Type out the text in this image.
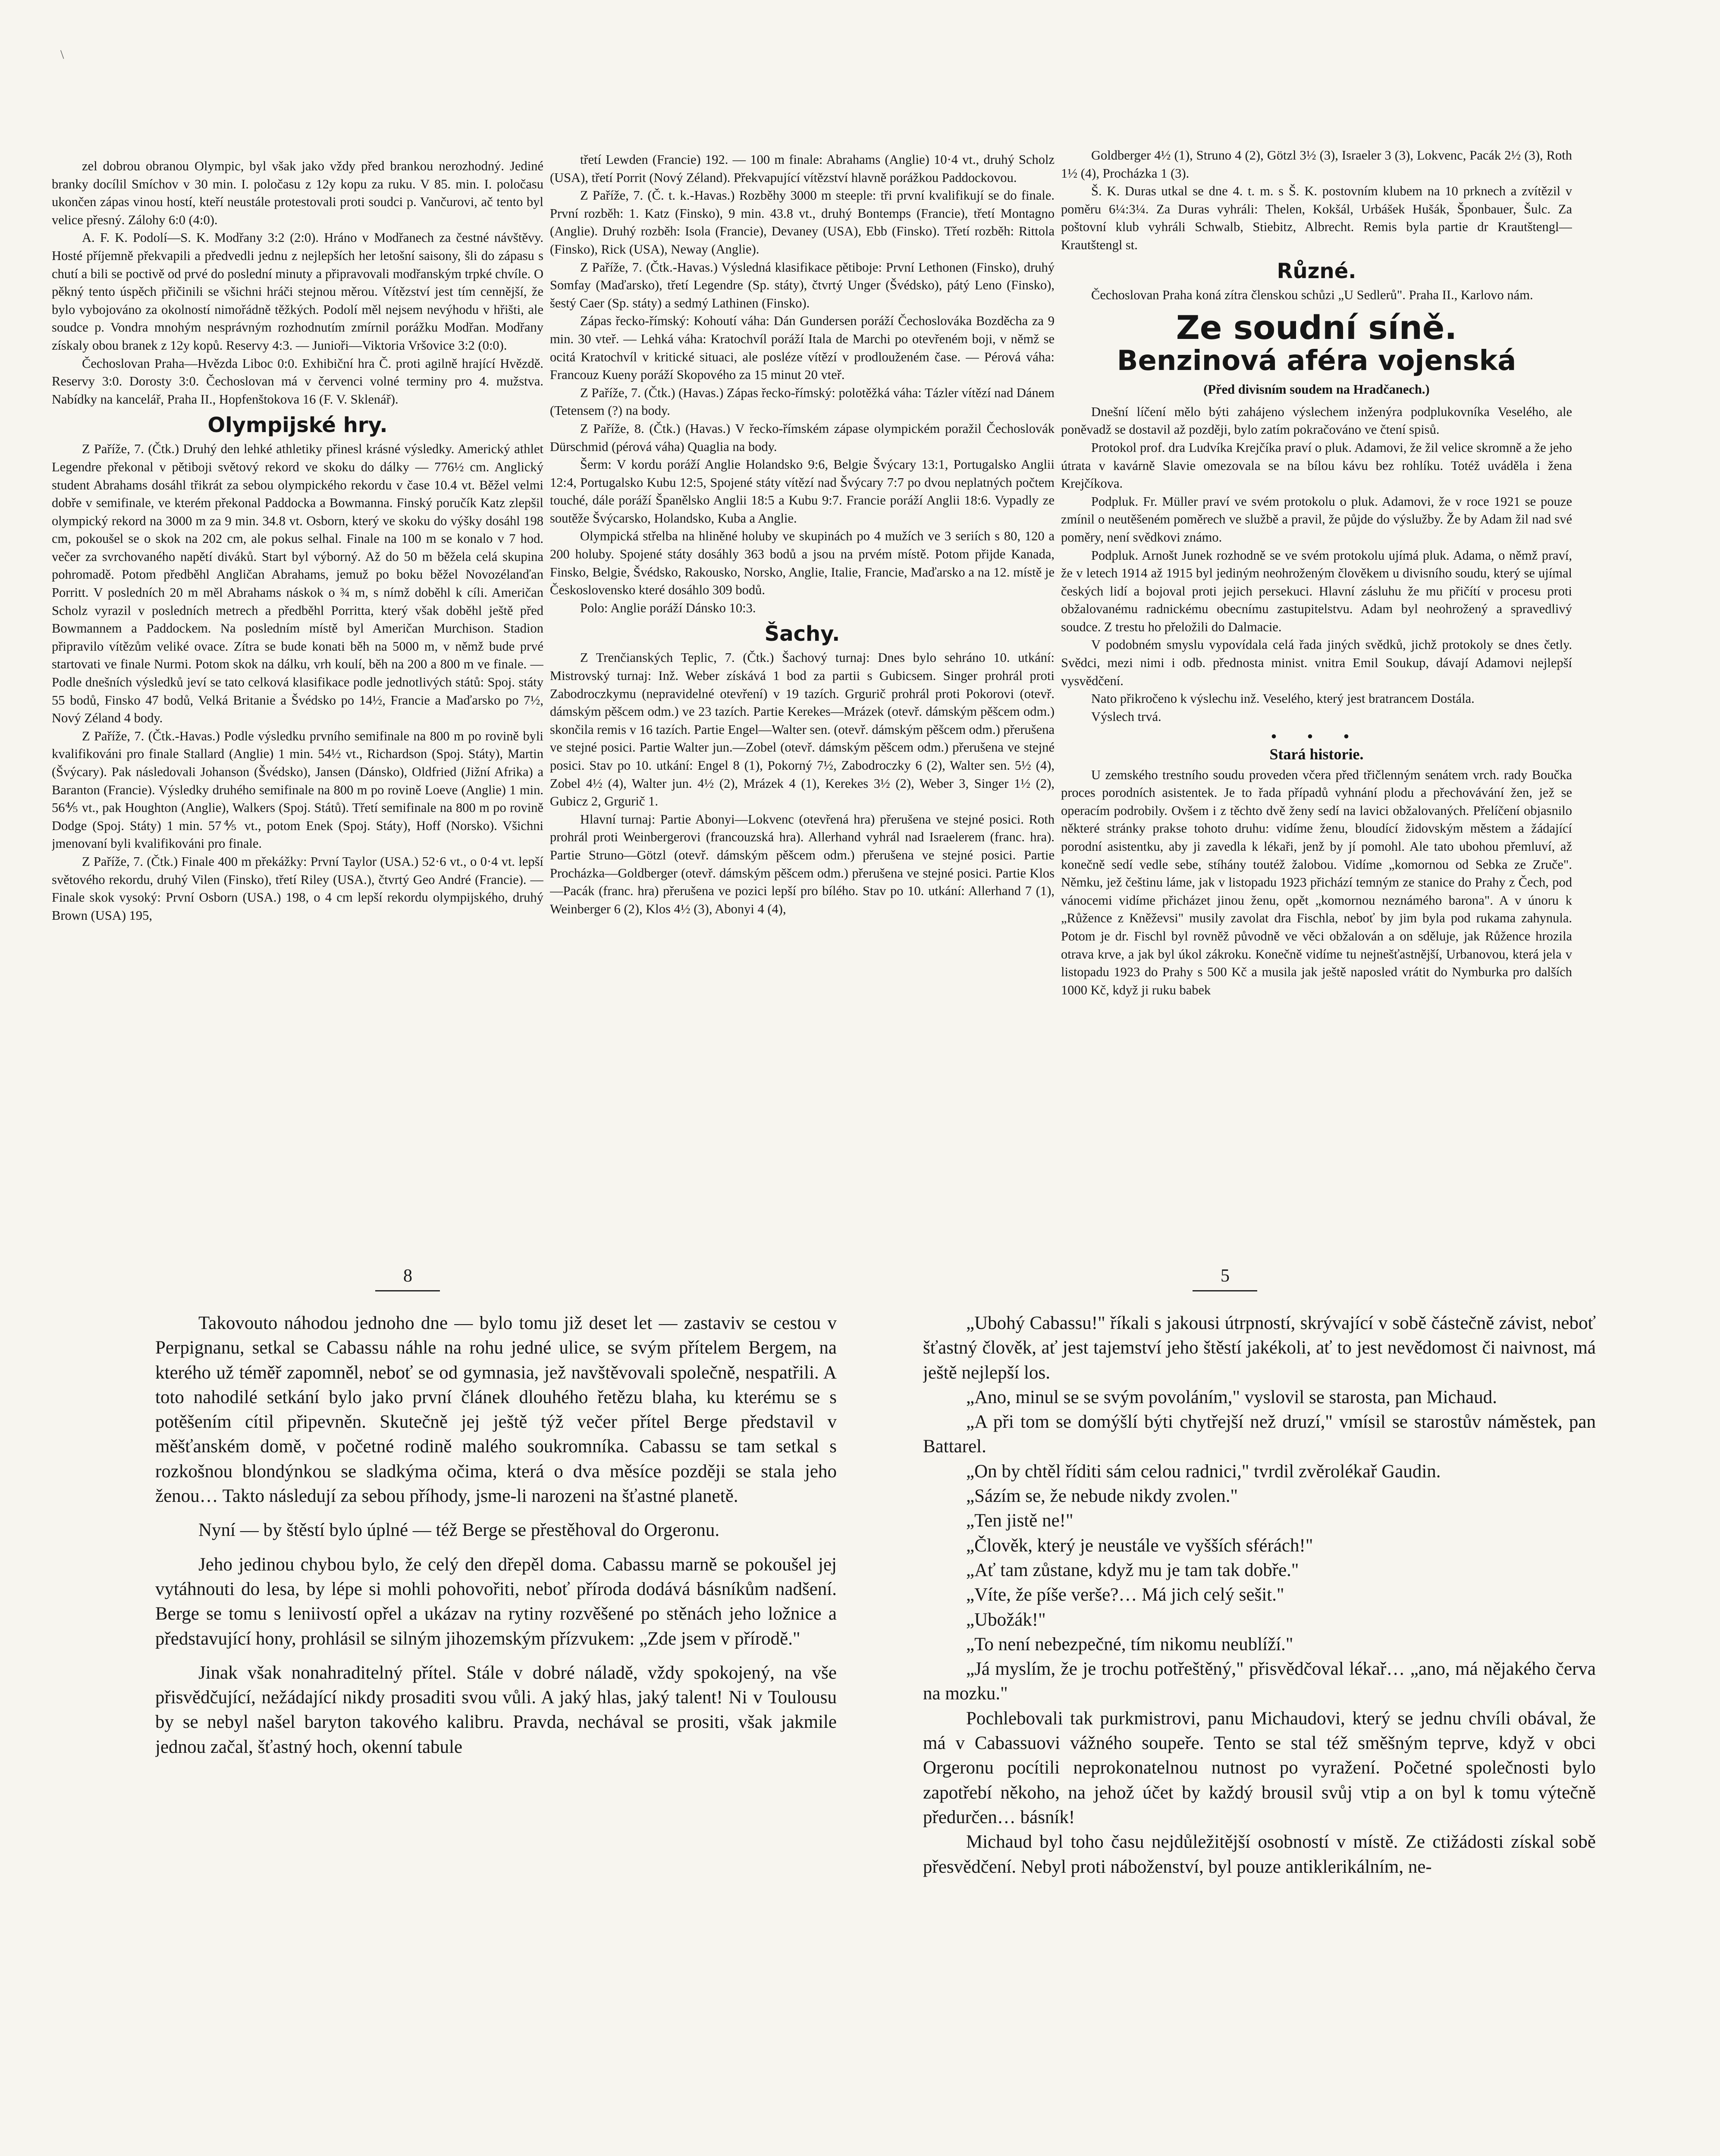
\

zel dobrou obranou Olympic, byl však jako vždy před brankou nerozhodný. Jediné branky docílil Smíchov v 30 min. I. poločasu z 12y kopu za ruku. V 85. min. I. poločasu ukončen zápas vinou hostí, kteří neustále protestovali proti soudci p. Vančurovi, ač tento byl velice přesný. Zálohy 6:0 (4:0).

A. F. K. Podolí—S. K. Modřany 3:2 (2:0). Hráno v Modřanech za čestné návštěvy. Hosté příjemně překvapili a předvedli jednu z nejlepších her letošní saisony, šli do zápasu s chutí a bili se poctivě od prvé do poslední minuty a připravovali modřanským trpké chvíle. O pěkný tento úspěch přičinili se všichni hráči stejnou měrou. Vítězství jest tím cennější, že bylo vybojováno za okolností nimořádně těžkých. Podolí měl nejsem nevýhodu v hřišti, ale soudce p. Vondra mnohým nesprávným rozhodnutím zmírnil porážku Modřan. Modřany získaly obou branek z 12y kopů. Reservy 4:3. — Junioři—Viktoria Vršovice 3:2 (0:0).

Čechoslovan Praha—Hvězda Liboc 0:0. Exhibiční hra Č. proti agilně hrající Hvězdě. Reservy 3:0. Dorosty 3:0. Čechoslovan má v červenci volné terminy pro 4. mužstva. Nabídky na kancelář, Praha II., Hopfenštokova 16 (F. V. Sklenář).

Olympijské hry.

Z Paříže, 7. (Čtk.) Druhý den lehké athletiky přinesl krásné výsledky. Americký athlet Legendre překonal v pětiboji světový rekord ve skoku do dálky — 776½ cm. Anglický student Abrahams dosáhl třikrát za sebou olympického rekordu v čase 10.4 vt. Běžel velmi dobře v semifinale, ve kterém překonal Paddocka a Bowmanna. Finský poručík Katz zlepšil olympický rekord na 3000 m za 9 min. 34.8 vt. Osborn, který ve skoku do výšky dosáhl 198 cm, pokoušel se o skok na 202 cm, ale pokus selhal. Finale na 100 m se konalo v 7 hod. večer za svrchovaného napětí diváků. Start byl výborný. Až do 50 m běžela celá skupina pohromadě. Potom předběhl Angličan Abrahams, jemuž po boku běžel Novozélanďan Porritt. V posledních 20 m měl Abrahams náskok o ¾ m, s nímž doběhl k cíli. Američan Scholz vyrazil v posledních metrech a předběhl Porritta, který však doběhl ještě před Bowmannem a Paddockem. Na posledním místě byl Američan Murchison. Stadion připravilo vítězům veliké ovace. Zítra se bude konati běh na 5000 m, v němž bude prvé startovati ve finale Nurmi. Potom skok na dálku, vrh koulí, běh na 200 a 800 m ve finale. — Podle dnešních výsledků jeví se tato celková klasifikace podle jednotlivých států: Spoj. státy 55 bodů, Finsko 47 bodů, Velká Britanie a Švédsko po 14½, Francie a Maďarsko po 7½, Nový Zéland 4 body.

Z Paříže, 7. (Čtk.-Havas.) Podle výsledku prvního semifinale na 800 m po rovině byli kvalifikováni pro finale Stallard (Anglie) 1 min. 54½ vt., Richardson (Spoj. Státy), Martin (Švýcary). Pak následovali Johanson (Švédsko), Jansen (Dánsko), Oldfried (Jižní Afrika) a Baranton (Francie). Výsledky druhého semifinale na 800 m po rovině Loeve (Anglie) 1 min. 56⅘ vt., pak Houghton (Anglie), Walkers (Spoj. Států). Třetí semifinale na 800 m po rovině Dodge (Spoj. Státy) 1 min. 57⅘ vt., potom Enek (Spoj. Státy), Hoff (Norsko). Všichni jmenovaní byli kvalifikováni pro finale.

Z Paříže, 7. (Čtk.) Finale 400 m překážky: První Taylor (USA.) 52·6 vt., o 0·4 vt. lepší světového rekordu, druhý Vilen (Finsko), třetí Riley (USA.), čtvrtý Geo André (Francie). — Finale skok vysoký: První Osborn (USA.) 198, o 4 cm lepší rekordu olympijského, druhý Brown (USA) 195,

třetí Lewden (Francie) 192. — 100 m finale: Abrahams (Anglie) 10·4 vt., druhý Scholz (USA), třetí Porrit (Nový Zéland). Překvapující vítězství hlavně porážkou Paddockovou.

Z Paříže, 7. (Č. t. k.-Havas.) Rozběhy 3000 m steeple: tři první kvalifikují se do finale. První rozběh: 1. Katz (Finsko), 9 min. 43.8 vt., druhý Bontemps (Francie), třetí Montagno (Anglie). Druhý rozběh: Isola (Francie), Devaney (USA), Ebb (Finsko). Třetí rozběh: Rittola (Finsko), Rick (USA), Neway (Anglie).

Z Paříže, 7. (Čtk.-Havas.) Výsledná klasifikace pětiboje: První Lethonen (Finsko), druhý Somfay (Maďarsko), třetí Legendre (Sp. státy), čtvrtý Unger (Švédsko), pátý Leno (Finsko), šestý Caer (Sp. státy) a sedmý Lathinen (Finsko).

Zápas řecko-římský: Kohoutí váha: Dán Gundersen poráží Čechoslováka Bozděcha za 9 min. 30 vteř. — Lehká váha: Kratochvíl poráží Itala de Marchi po otevřeném boji, v němž se ocitá Kratochvíl v kritické situaci, ale posléze vítězí v prodlouženém čase. — Pérová váha: Francouz Kueny poráží Skopového za 15 minut 20 vteř.

Z Paříže, 7. (Čtk.) (Havas.) Zápas řecko-římský: polotěžká váha: Tázler vítězí nad Dánem (Tetensem (?) na body.

Z Paříže, 8. (Čtk.) (Havas.) V řecko-římském zápase olympickém poražil Čechoslovák Dürschmid (pérová váha) Quaglia na body.

Šerm: V kordu poráží Anglie Holandsko 9:6, Belgie Švýcary 13:1, Portugalsko Anglii 12:4, Portugalsko Kubu 12:5, Spojené státy vítězí nad Švýcary 7:7 po dvou neplatných počtem touché, dále poráží Španělsko Anglii 18:5 a Kubu 9:7. Francie poráží Anglii 18:6. Vypadly ze soutěže Švýcarsko, Holandsko, Kuba a Anglie.

Olympická střelba na hliněné holuby ve skupinách po 4 mužích ve 3 seriích s 80, 120 a 200 holuby. Spojené státy dosáhly 363 bodů a jsou na prvém místě. Potom přijde Kanada, Finsko, Belgie, Švédsko, Rakousko, Norsko, Anglie, Italie, Francie, Maďarsko a na 12. místě je Československo které dosáhlo 309 bodů.

Polo: Anglie poráží Dánsko 10:3.

Šachy.

Z Trenčianských Teplic, 7. (Čtk.) Šachový turnaj: Dnes bylo sehráno 10. utkání: Mistrovský turnaj: Inž. Weber získává 1 bod za partii s Gubicsem. Singer prohrál proti Zabodroczkymu (nepravidelné otevření) v 19 tazích. Grgurič prohrál proti Pokorovi (otevř. dámským pěšcem odm.) ve 23 tazích. Partie Kerekes—Mrázek (otevř. dámským pěšcem odm.) skončila remis v 16 tazích. Partie Engel—Walter sen. (otevř. dámským pěšcem odm.) přerušena ve stejné posici. Partie Walter jun.—Zobel (otevř. dámským pěšcem odm.) přerušena ve stejné posici. Stav po 10. utkání: Engel 8 (1), Pokorný 7½, Zabodroczky 6 (2), Walter sen. 5½ (4), Zobel 4½ (4), Walter jun. 4½ (2), Mrázek 4 (1), Kerekes 3½ (2), Weber 3, Singer 1½ (2), Gubicz 2, Grgurič 1.

Hlavní turnaj: Partie Abonyi—Lokvenc (otevřená hra) přerušena ve stejné posici. Roth prohrál proti Weinbergerovi (francouzská hra). Allerhand vyhrál nad Israelerem (franc. hra). Partie Struno—Götzl (otevř. dámským pěšcem odm.) přerušena ve stejné posici. Partie Procházka—Goldberger (otevř. dámským pěšcem odm.) přerušena ve stejné posici. Partie Klos—Pacák (franc. hra) přerušena ve pozici lepší pro bílého. Stav po 10. utkání: Allerhand 7 (1), Weinberger 6 (2), Klos 4½ (3), Abonyi 4 (4),

Goldberger 4½ (1), Struno 4 (2), Götzl 3½ (3), Israeler 3 (3), Lokvenc, Pacák 2½ (3), Roth 1½ (4), Procházka 1 (3).

Š. K. Duras utkal se dne 4. t. m. s Š. K. postovním klubem na 10 prknech a zvítězil v poměru 6¼:3¼. Za Duras vyhráli: Thelen, Kokšál, Urbášek Hušák, Šponbauer, Šulc. Za poštovní klub vyhráli Schwalb, Stiebitz, Albrecht. Remis byla partie dr Krautštengl—Krautštengl st.

Různé.

Čechoslovan Praha koná zítra členskou schůzi „U Sedlerů". Praha II., Karlovo nám.

Ze soudní síně.

Benzinová aféra vojenská

(Před divisním soudem na Hradčanech.)

Dnešní líčení mělo býti zahájeno výslechem inženýra podplukovníka Veselého, ale poněvadž se dostavil až později, bylo zatím pokračováno ve čtení spisů.

Protokol prof. dra Ludvíka Krejčíka praví o pluk. Adamovi, že žil velice skromně a že jeho útrata v kavárně Slavie omezovala se na bílou kávu bez rohlíku. Totéž uváděla i žena Krejčíkova.

Podpluk. Fr. Müller praví ve svém protokolu o pluk. Adamovi, že v roce 1921 se pouze zmínil o neutěšeném poměrech ve službě a pravil, že půjde do výslužby. Že by Adam žil nad své poměry, není svědkovi známo.

Podpluk. Arnošt Junek rozhodně se ve svém protokolu ujímá pluk. Adama, o němž praví, že v letech 1914 až 1915 byl jediným neohroženým člověkem u divisního soudu, který se ujímal českých lidí a bojoval proti jejich persekuci. Hlavní zásluhu že mu přičítí v procesu proti obžalovanému radnickému obecnímu zastupitelstvu. Adam byl neohrožený a spravedlivý soudce. Z trestu ho přeložili do Dalmacie.

V podobném smyslu vypovídala celá řada jiných svědků, jichž protokoly se dnes četly. Svědci, mezi nimi i odb. přednosta minist. vnitra Emil Soukup, dávají Adamovi nejlepší vysvědčení.

Nato přikročeno k výslechu inž. Veselého, který jest bratrancem Dostála.

Výslech trvá.

• • •

Stará historie.

U zemského trestního soudu proveden včera před třičlenným senátem vrch. rady Boučka proces porodních asistentek. Je to řada případů vyhnání plodu a přechovávání žen, jež se operacím podrobily. Ovšem i z těchto dvě ženy sedí na lavici obžalovaných. Přelíčení objasnilo některé stránky prakse tohoto druhu: vidíme ženu, bloudící židovským městem a žádající porodní asistentku, aby ji zavedla k lékaři, jenž by jí pomohl. Ale tato ubohou přemluví, až konečně sedí vedle sebe, stíhány toutéž žalobou. Vidíme „komornou od Sebka ze Zruče". Němku, jež češtinu láme, jak v listopadu 1923 přichází temným ze stanice do Prahy z Čech, pod vánocemi vidíme přicházet jinou ženu, opět „komornou neznámého barona". A v únoru k „Růžence z Kněževsi" musily zavolat dra Fischla, neboť by jim byla pod rukama zahynula. Potom je dr. Fischl byl rovněž původně ve věci obžalován a on sděluje, jak Růžence hrozila otrava krve, a jak byl úkol zákroku. Konečně vidíme tu nejnešťastnější, Urbanovou, která jela v listopadu 1923 do Prahy s 500 Kč a musila jak ještě naposled vrátit do Nymburka pro dalších 1000 Kč, když ji ruku babek

8	5

Takovouto náhodou jednoho dne — bylo tomu již deset let — zastaviv se cestou v Perpignanu, setkal se Cabassu náhle na rohu jedné ulice, se svým přítelem Bergem, na kterého už téměř zapomněl, neboť se od gymnasia, jež navštěvovali společně, nespatřili. A toto nahodilé setkání bylo jako první článek dlouhého řetězu blaha, ku kterému se s potěšením cítil připevněn. Skutečně jej ještě týž večer přítel Berge představil v měšťanském domě, v početné rodině malého soukromníka. Cabassu se tam setkal s rozkošnou blondýnkou se sladkýma očima, která o dva měsíce později se stala jeho ženou… Takto následují za sebou příhody, jsme-li narozeni na šťastné planetě.

Nyní — by štěstí bylo úplné — též Berge se přestěhoval do Orgeronu.

Jeho jedinou chybou bylo, že celý den dřepěl doma. Cabassu marně se pokoušel jej vytáhnouti do lesa, by lépe si mohli pohovořiti, neboť příroda dodává básníkům nadšení. Berge se tomu s leniivostí opřel a ukázav na rytiny rozvěšené po stěnách jeho ložnice a představující hony, prohlásil se silným jihozemským přízvukem: „Zde jsem v přírodě."

Jinak však nonahraditelný přítel. Stále v dobré náladě, vždy spokojený, na vše přisvědčující, nežádající nikdy prosaditi svou vůli. A jaký hlas, jaký talent! Ni v Toulousu by se nebyl našel baryton takového kalibru. Pravda, nechával se prositi, však jakmile jednou začal, šťastný hoch, okenní tabule

„Ubohý Cabassu!" říkali s jakousi útrpností, skrývající v sobě částečně závist, neboť šťastný člověk, ať jest tajemství jeho štěstí jakékoli, ať to jest nevědomost či naivnost, má ještě nejlepší los.

„Ano, minul se se svým povoláním," vyslovil se starosta, pan Michaud.

„A při tom se domýšlí býti chytřejší než druzí," vmísil se starostův náměstek, pan Battarel.

„On by chtěl říditi sám celou radnici," tvrdil zvěrolékař Gaudin.

„Sázím se, že nebude nikdy zvolen."

„Ten jistě ne!"

„Člověk, který je neustále ve vyšších sférách!"

„Ať tam zůstane, když mu je tam tak dobře."

„Víte, že píše verše?… Má jich celý sešit."

„Ubožák!"

„To není nebezpečné, tím nikomu neublíží."

„Já myslím, že je trochu potřeštěný," přisvědčoval lékař… „ano, má nějakého červa na mozku."

Pochlebovali tak purkmistrovi, panu Michaudovi, který se jednu chvíli obával, že má v Cabassuovi vážného soupeře. Tento se stal též směšným teprve, když v obci Orgeronu pocítili neprokonatelnou nutnost po vyražení. Početné společnosti bylo zapotřebí někoho, na jehož účet by každý brousil svůj vtip a on byl k tomu výtečně předurčen… básník!

Michaud byl toho času nejdůležitější osobností v místě. Ze ctižádosti získal sobě přesvědčení. Nebyl proti náboženství, byl pouze antiklerikálním, ne-
